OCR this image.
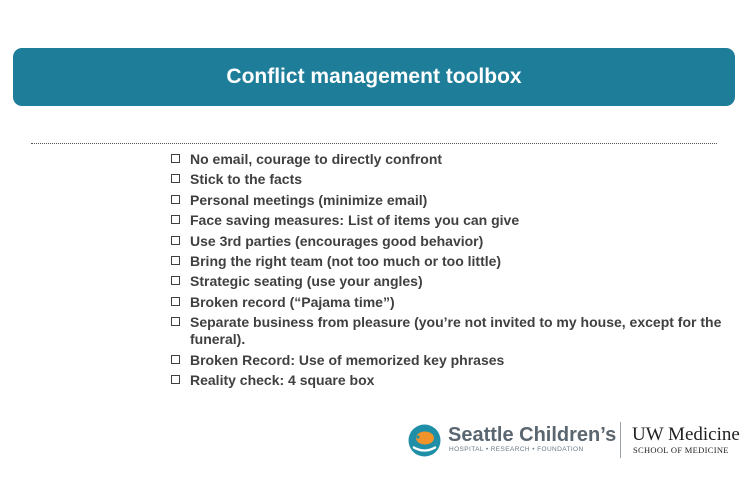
Conflict management toolbox
No email, courage to directly confront
Stick to the facts
Personal meetings (minimize email)
Face saving measures: List of items you can give
Use 3rd parties (encourages good behavior)
Bring the right team (not too much or too little)
Strategic seating (use your angles)
Broken record (“Pajama time”)
Separate business from pleasure (you’re not invited to my house, except for the funeral).
Broken Record: Use of memorized key phrases
Reality check: 4 square box
Seattle Children’s
HOSPITAL • RESEARCH • FOUNDATION
UW Medicine
SCHOOL OF MEDICINE
